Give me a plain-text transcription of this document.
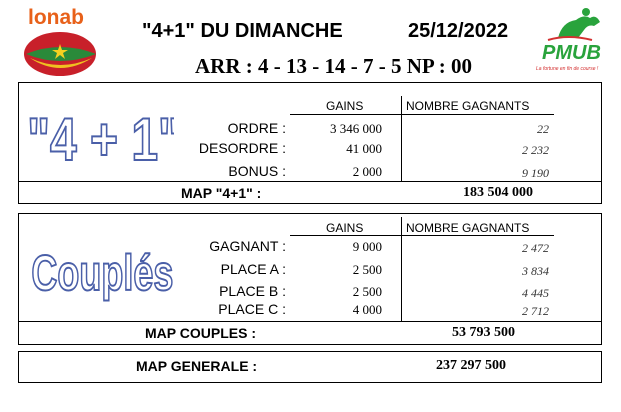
lonab
"4+1" DU DIMANCHE	25/12/2022
ARR : 4 - 13 - 14 - 7 - 5 NP : 00
PMUB
La fortune en fin de course !
"4 + 1"	GAINS	NOMBRE GAGNANTS
ORDRE :	3 346 000	22
DESORDRE :	41 000	2 232
BONUS :	2 000	9 190
MAP "4+1" :	183 504 000
Couplés
GAINS	NOMBRE GAGNANTS
GAGNANT :	9 000	2 472
PLACE A :	2 500	3 834
PLACE B :	2 500	4 445
PLACE C :	4 000	2 712
MAP COUPLES :	53 793 500
MAP GENERALE :	237 297 500
